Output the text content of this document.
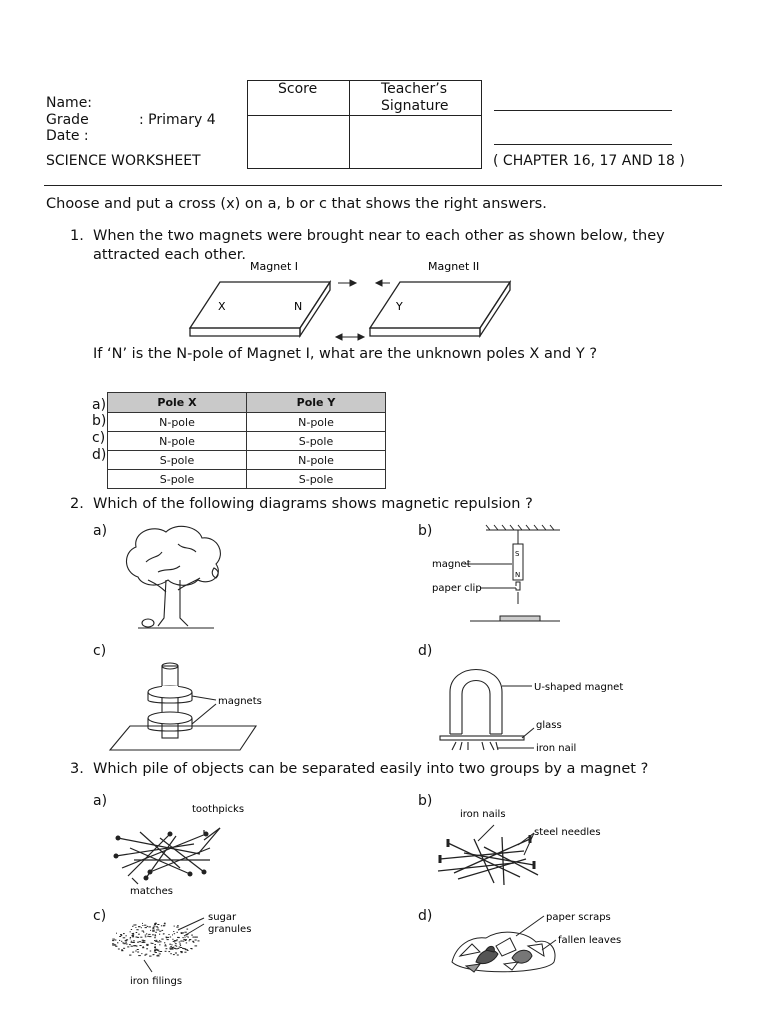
Name:
Grade	: Primary 4
Date :
SCIENCE WORKSHEET
Score	Teacher’s
Signature
( CHAPTER 16, 17 AND 18 )
Choose and put a cross (x) on a, b or c that shows the right answers.
1. When the two magnets were brought near to each other as shown below, they
attracted each other.
Magnet I	Magnet II
X	N	Y
If ‘N’ is the N-pole of Magnet I, what are the unknown poles X and Y ?
a)
b)
c)
d)
Pole X	Pole Y
N-pole	N-pole
N-pole	S-pole
S-pole	N-pole
S-pole	S-pole
2. Which of the following diagrams shows magnetic repulsion ?
a)	b)
c)	d)
S
N
magnet
paper clip
magnets
U-shaped magnet
glass
iron nail
3. Which pile of objects can be separated easily into two groups by a magnet ?
a)	b)
c)	d)
toothpicks
matches
iron nails
steel needles
sugar
granules
iron filings
paper scraps
fallen leaves
